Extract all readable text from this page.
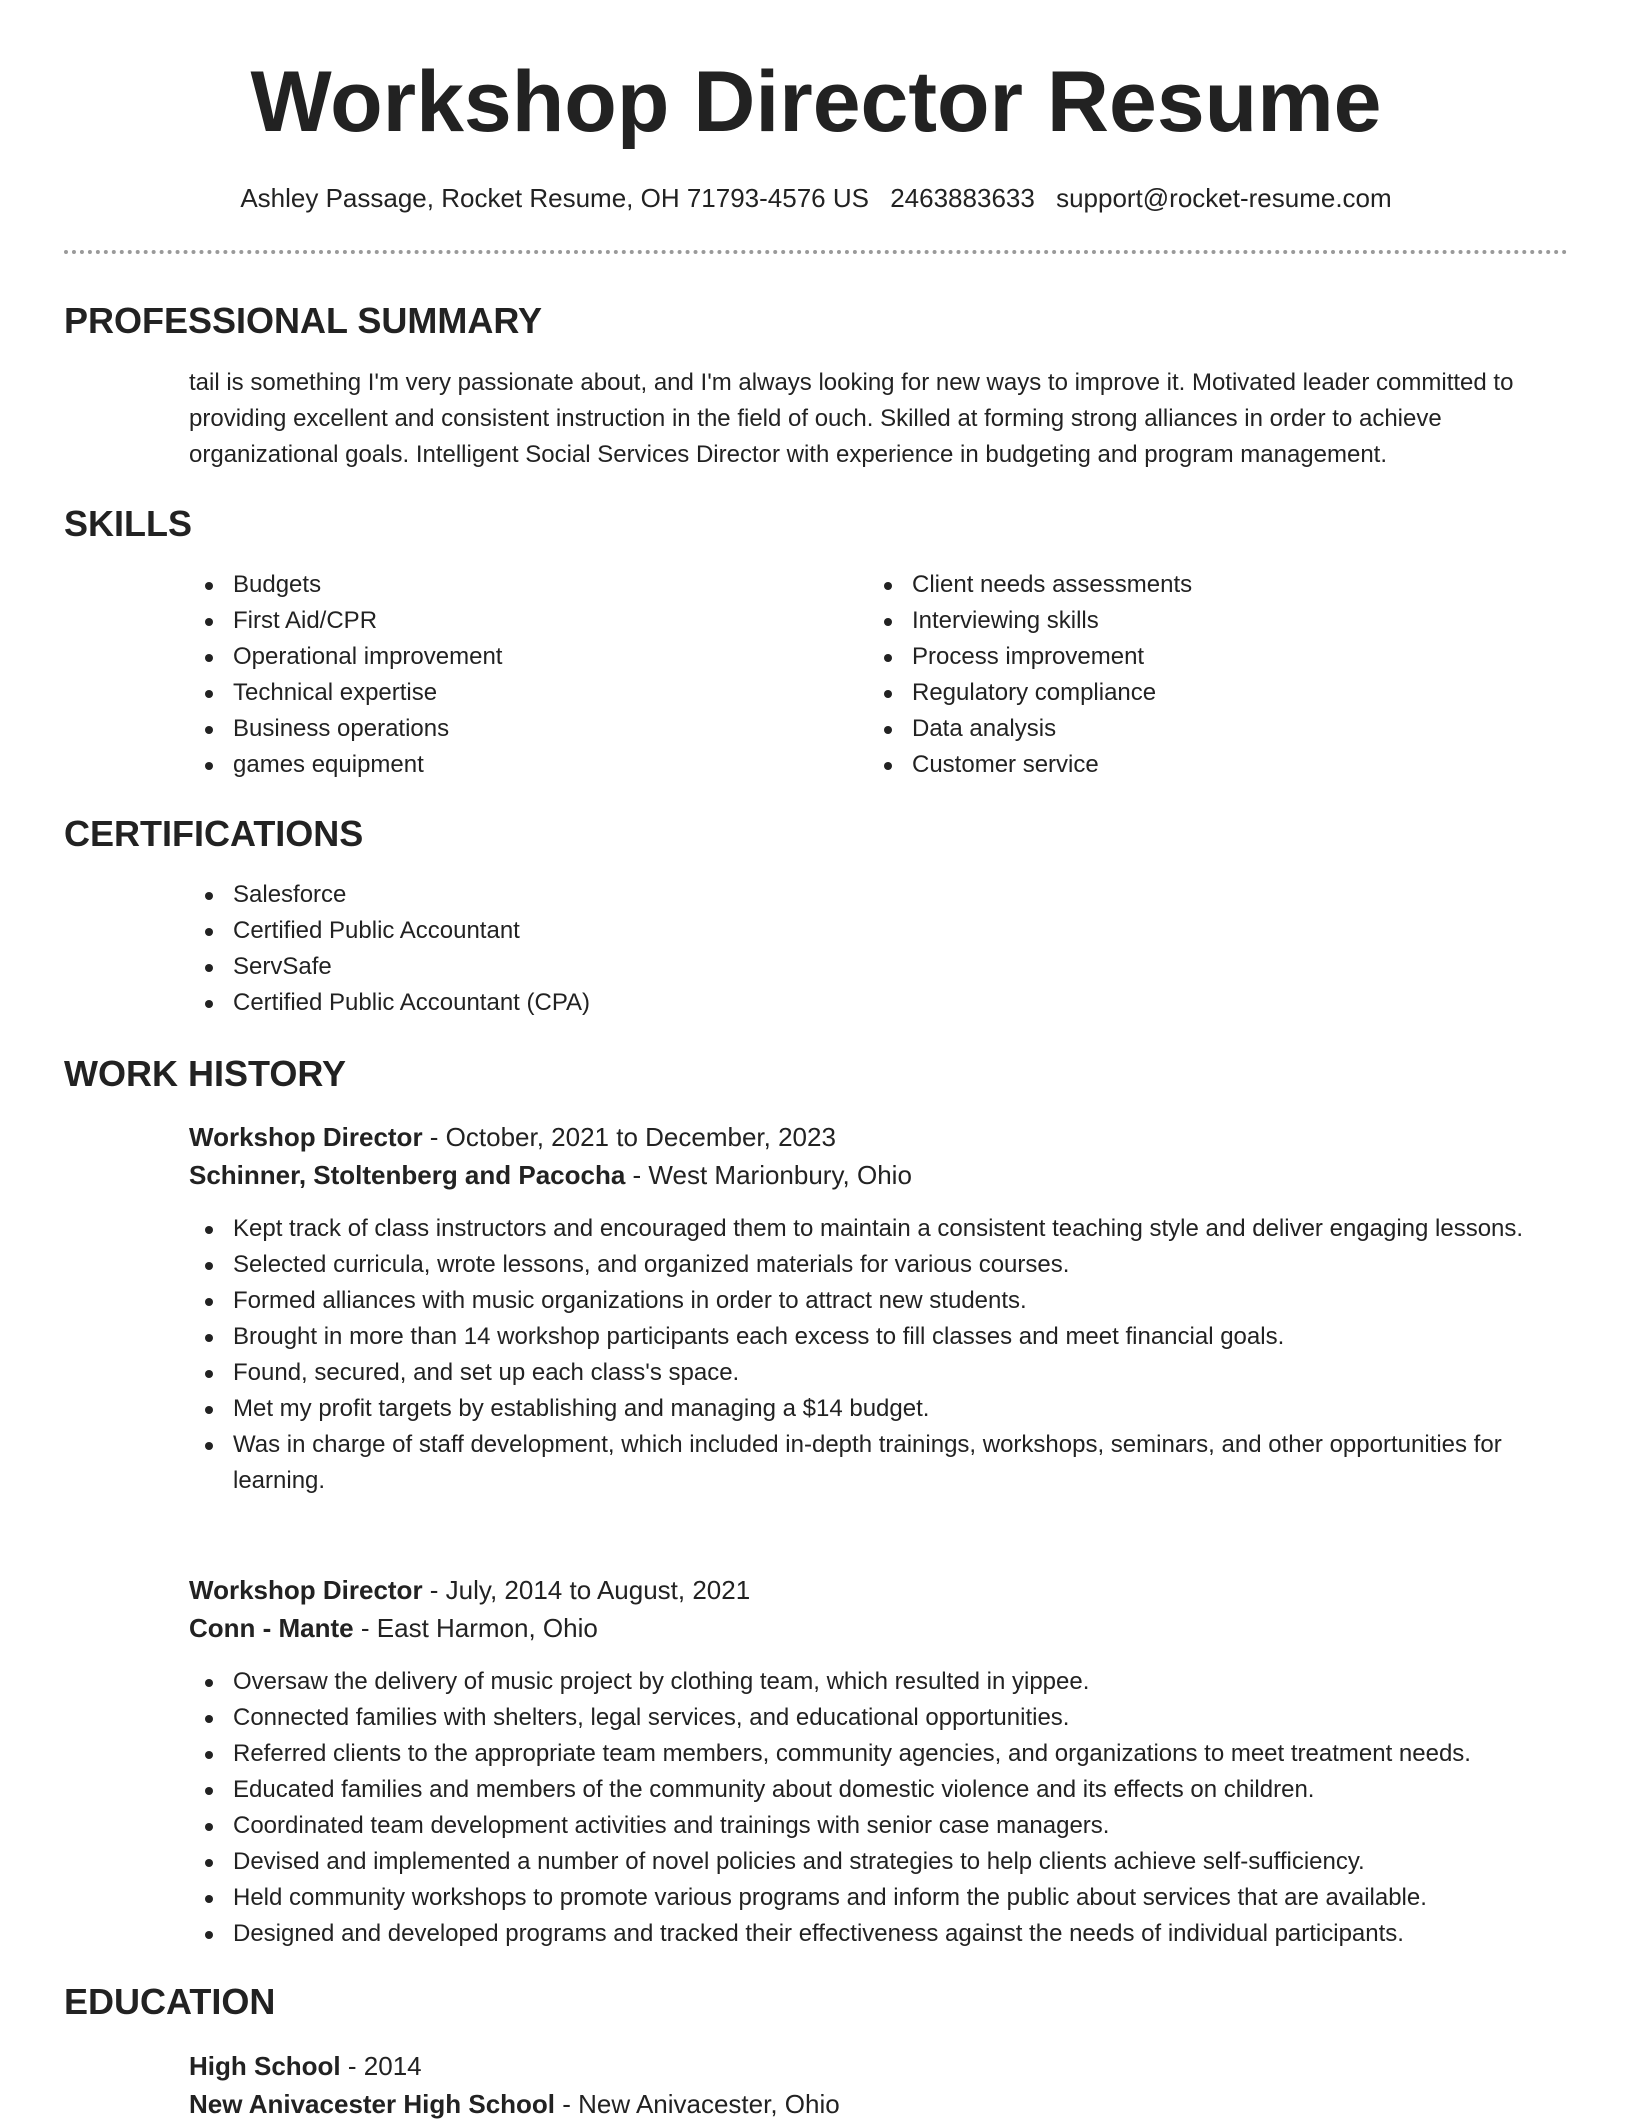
Workshop Director Resume
Ashley Passage, Rocket Resume, OH 71793-4576 US 2463883633 support@rocket-resume.com
PROFESSIONAL SUMMARY

tail is something I'm very passionate about, and I'm always looking for new ways to improve it. Motivated leader committed to providing excellent and consistent instruction in the field of ouch. Skilled at forming strong alliances in order to achieve organizational goals. Intelligent Social Services Director with experience in budgeting and program management.

SKILLS
Budgets
First Aid/CPR
Operational improvement
Technical expertise
Business operations
games equipment
Client needs assessments
Interviewing skills
Process improvement
Regulatory compliance
Data analysis
Customer service
CERTIFICATIONS
Salesforce
Certified Public Accountant
ServSafe
Certified Public Accountant (CPA)
WORK HISTORY
Workshop Director - October, 2021 to December, 2023
Schinner, Stoltenberg and Pacocha - West Marionbury, Ohio
Kept track of class instructors and encouraged them to maintain a consistent teaching style and deliver engaging lessons.
Selected curricula, wrote lessons, and organized materials for various courses.
Formed alliances with music organizations in order to attract new students.
Brought in more than 14 workshop participants each excess to fill classes and meet financial goals.
Found, secured, and set up each class's space.
Met my profit targets by establishing and managing a $14 budget.
Was in charge of staff development, which included in-depth trainings, workshops, seminars, and other opportunities for learning.
Workshop Director - July, 2014 to August, 2021
Conn - Mante - East Harmon, Ohio
Oversaw the delivery of music project by clothing team, which resulted in yippee.
Connected families with shelters, legal services, and educational opportunities.
Referred clients to the appropriate team members, community agencies, and organizations to meet treatment needs.
Educated families and members of the community about domestic violence and its effects on children.
Coordinated team development activities and trainings with senior case managers.
Devised and implemented a number of novel policies and strategies to help clients achieve self-sufficiency.
Held community workshops to promote various programs and inform the public about services that are available.
Designed and developed programs and tracked their effectiveness against the needs of individual participants.
EDUCATION
High School - 2014
New Anivacester High School - New Anivacester, Ohio
